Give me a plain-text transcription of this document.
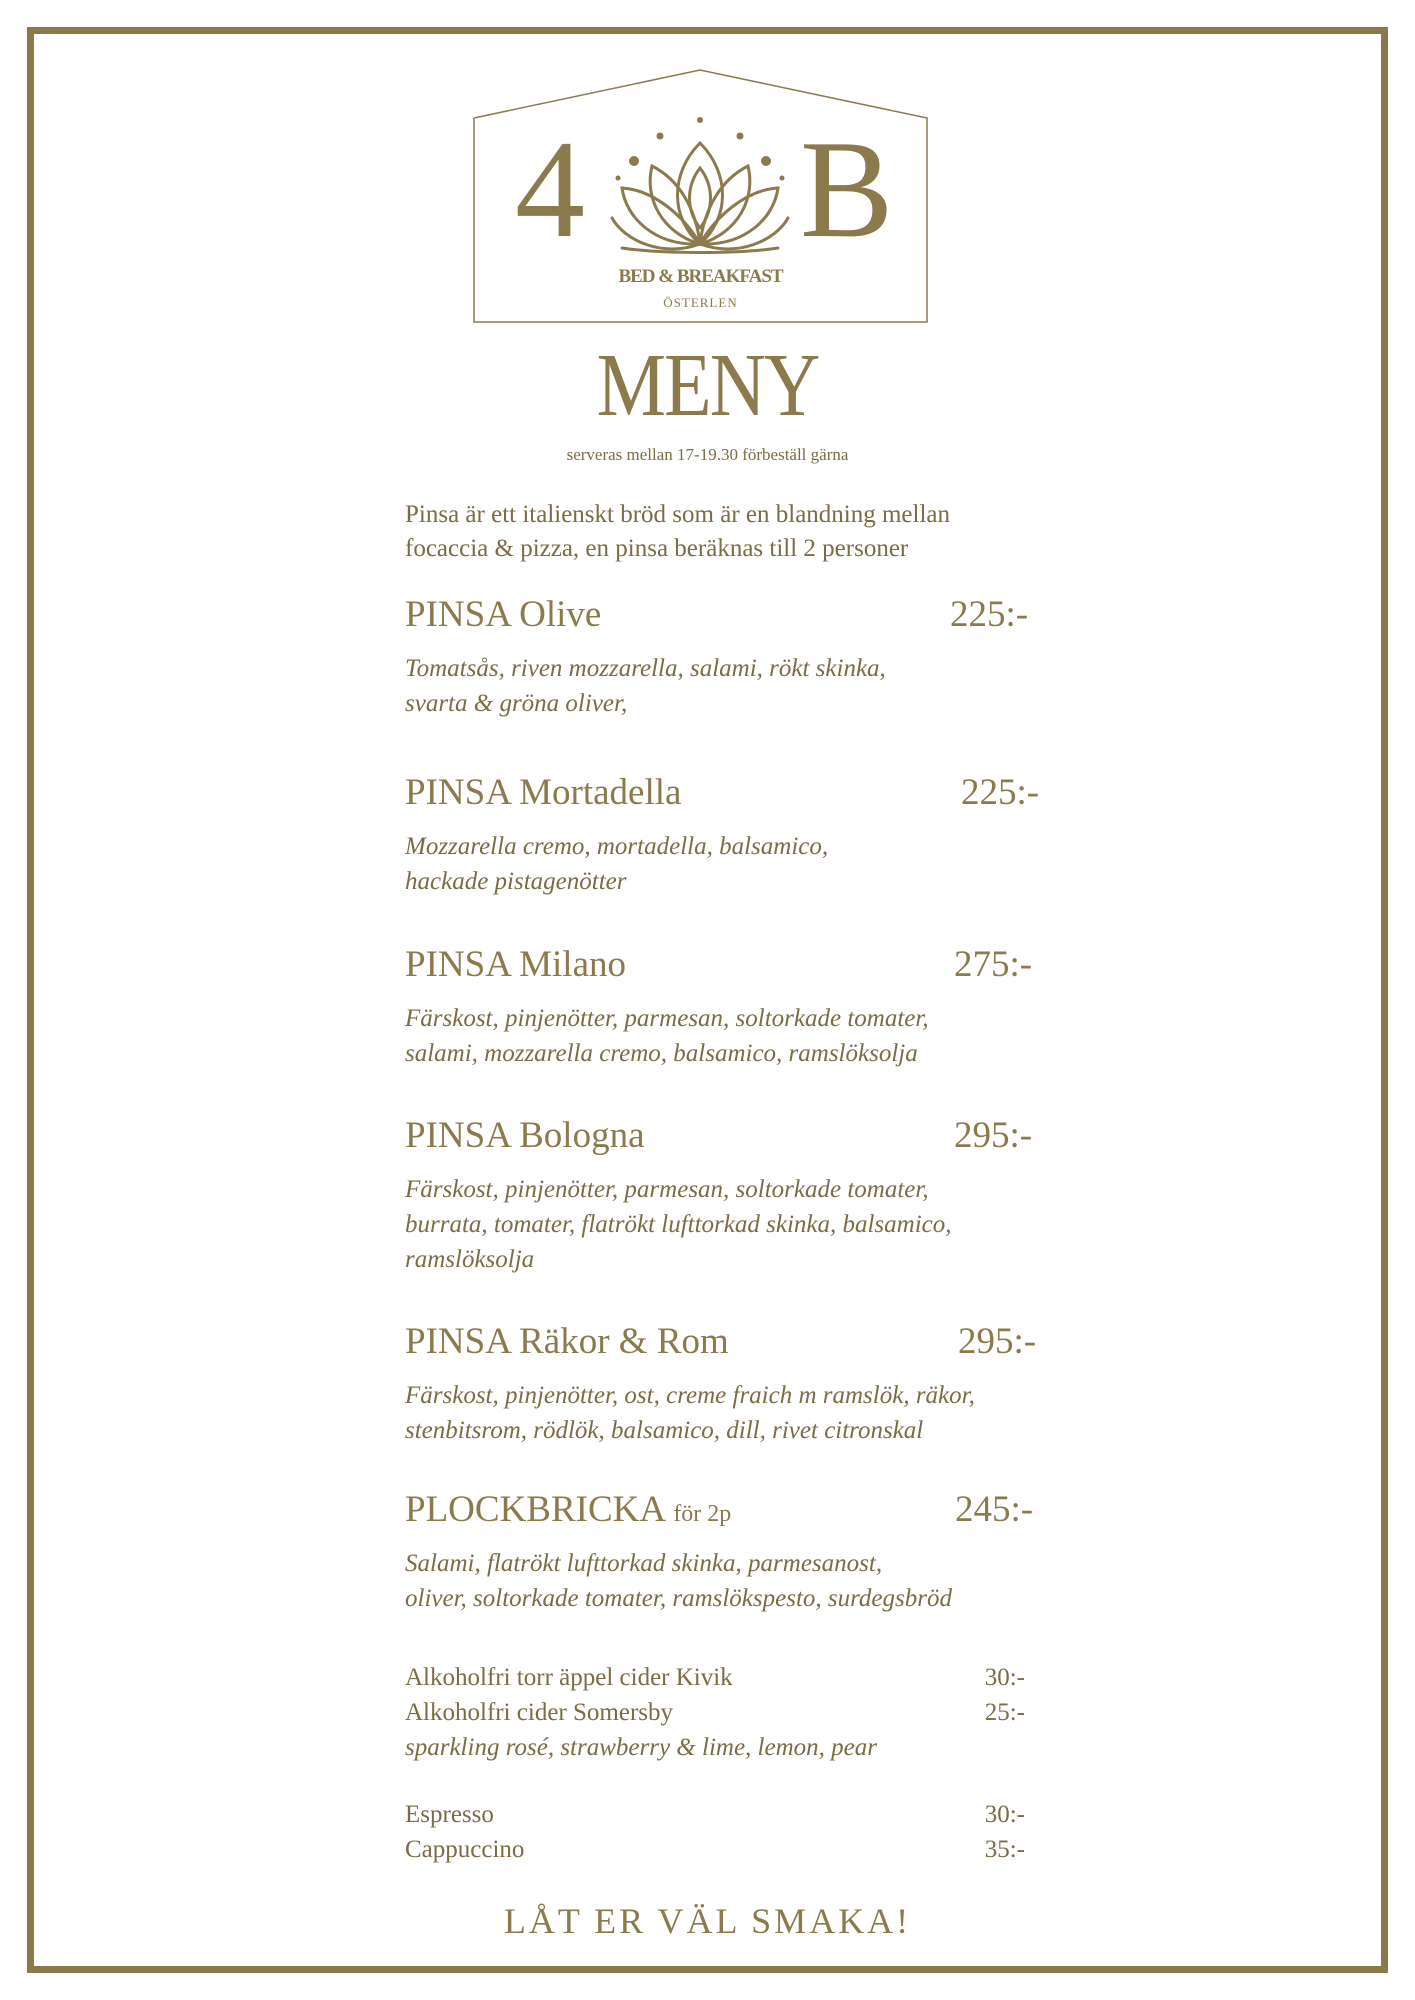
4 B
BED & BREAKFAST
ÖSTERLEN
MENY
serveras mellan 17-19.30 förbeställ gärna
Pinsa är ett italienskt bröd som är en blandning mellan
focaccia & pizza, en pinsa beräknas till 2 personer
PINSA Olive	225:-
Tomatsås, riven mozzarella, salami, rökt skinka,
svarta & gröna oliver,
PINSA Mortadella	225:-
Mozzarella cremo, mortadella, balsamico,
hackade pistagenötter
PINSA Milano	275:-
Färskost, pinjenötter, parmesan, soltorkade tomater,
salami, mozzarella cremo, balsamico, ramslöksolja
PINSA Bologna	295:-
Färskost, pinjenötter, parmesan, soltorkade tomater,
burrata, tomater, flatrökt lufttorkad skinka, balsamico,
ramslöksolja
PINSA Räkor & Rom	295:-
Färskost, pinjenötter, ost, creme fraich m ramslök, räkor,
stenbitsrom, rödlök, balsamico, dill, rivet citronskal
PLOCKBRICKA för 2p	245:-
Salami, flatrökt lufttorkad skinka, parmesanost,
oliver, soltorkade tomater, ramslökspesto, surdegsbröd
Alkoholfri torr äppel cider Kivik	30:-
Alkoholfri cider Somersby	25:-
sparkling rosé, strawberry & lime, lemon, pear
Espresso	30:-
Cappuccino	35:-
LÅT ER VÄL SMAKA!
